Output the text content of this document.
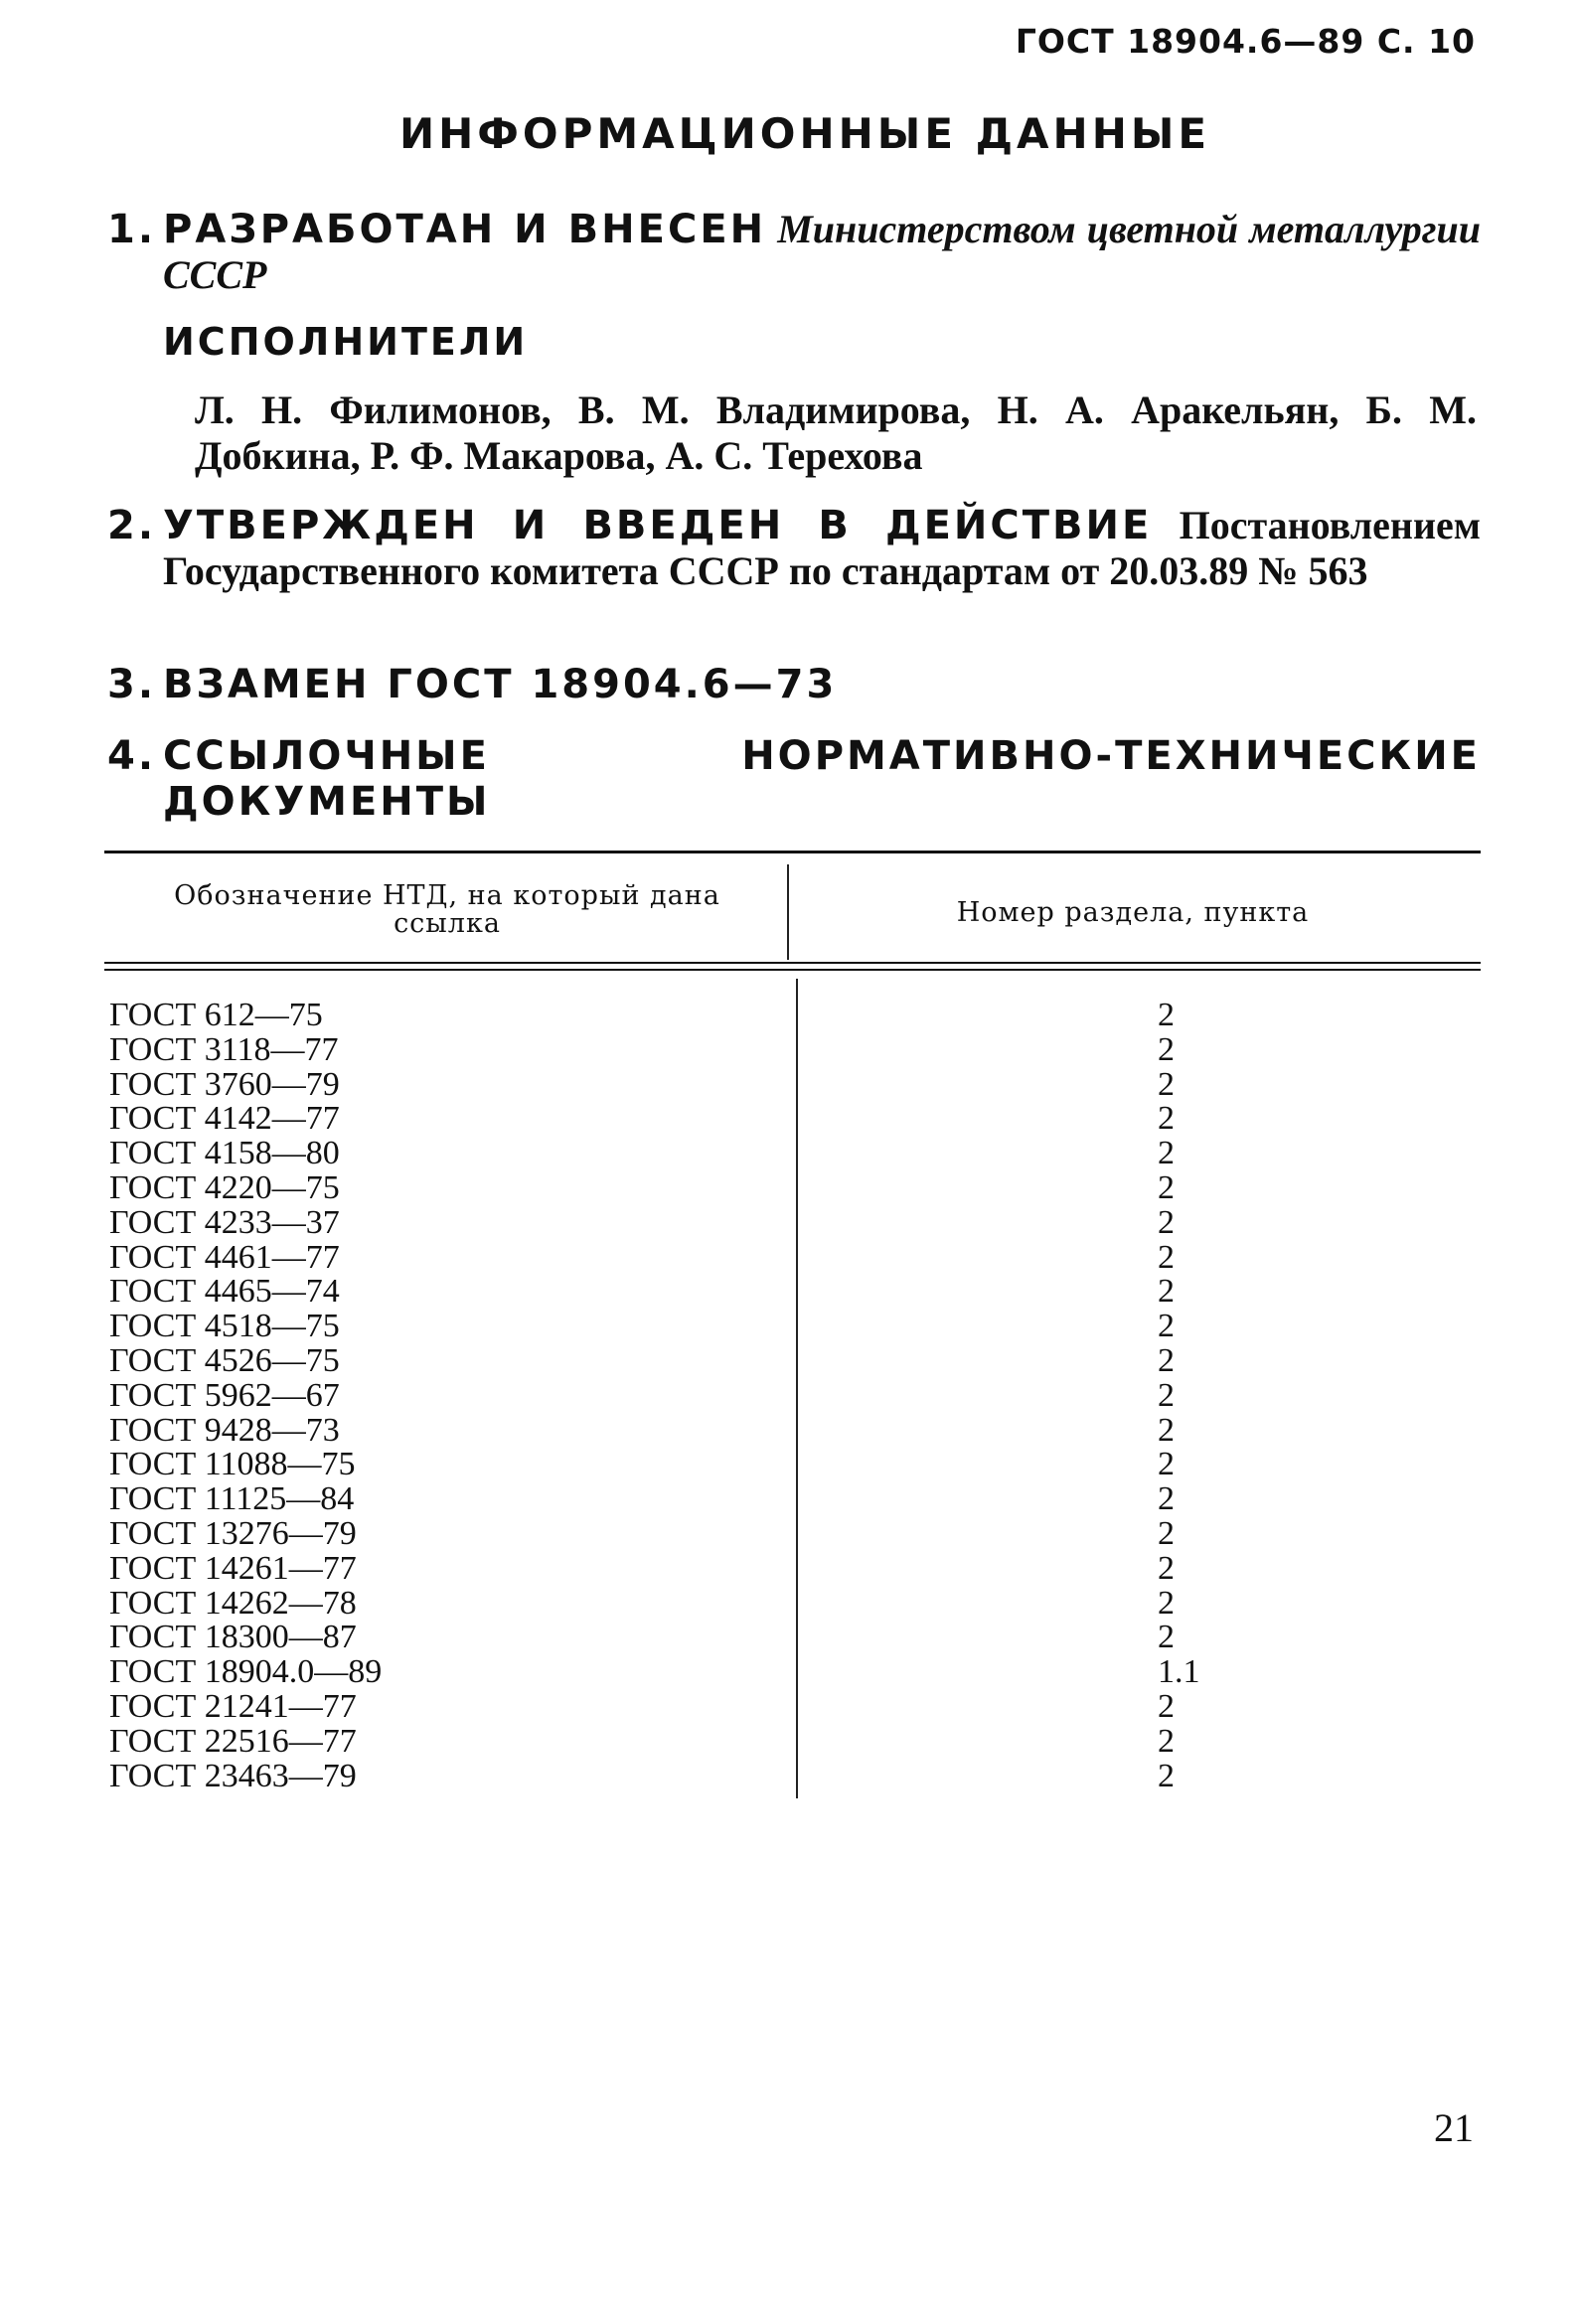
ГОСТ 18904.6—89 С. 10
ИНФОРМАЦИОННЫЕ ДАННЫЕ
1. РАЗРАБОТАН И ВНЕСЕН Министерством цветной металлургии СССР
ИСПОЛНИТЕЛИ
Л. Н. Филимонов, В. М. Владимирова, Н. А. Аракельян, Б. М. Добкина, Р. Ф. Макарова, А. С. Терехова
2. УТВЕРЖДЕН И ВВЕДЕН В ДЕЙСТВИЕ Постановлением Государственного комитета СССР по стандартам от 20.03.89 № 563
3. ВЗАМЕН ГОСТ 18904.6—73
4. ССЫЛОЧНЫЕ НОРМАТИВНО-ТЕХНИЧЕСКИЕ ДОКУМЕНТЫ
Обозначение НТД, на который дана ссылка	Номер раздела, пункта
ГОСТ 612—75	2
ГОСТ 3118—77	2
ГОСТ 3760—79	2
ГОСТ 4142—77	2
ГОСТ 4158—80	2
ГОСТ 4220—75	2
ГОСТ 4233—37	2
ГОСТ 4461—77	2
ГОСТ 4465—74	2
ГОСТ 4518—75	2
ГОСТ 4526—75	2
ГОСТ 5962—67	2
ГОСТ 9428—73	2
ГОСТ 11088—75	2
ГОСТ 11125—84	2
ГОСТ 13276—79	2
ГОСТ 14261—77	2
ГОСТ 14262—78	2
ГОСТ 18300—87	2
ГОСТ 18904.0—89	1.1
ГОСТ 21241—77	2
ГОСТ 22516—77	2
ГОСТ 23463—79	2
21
